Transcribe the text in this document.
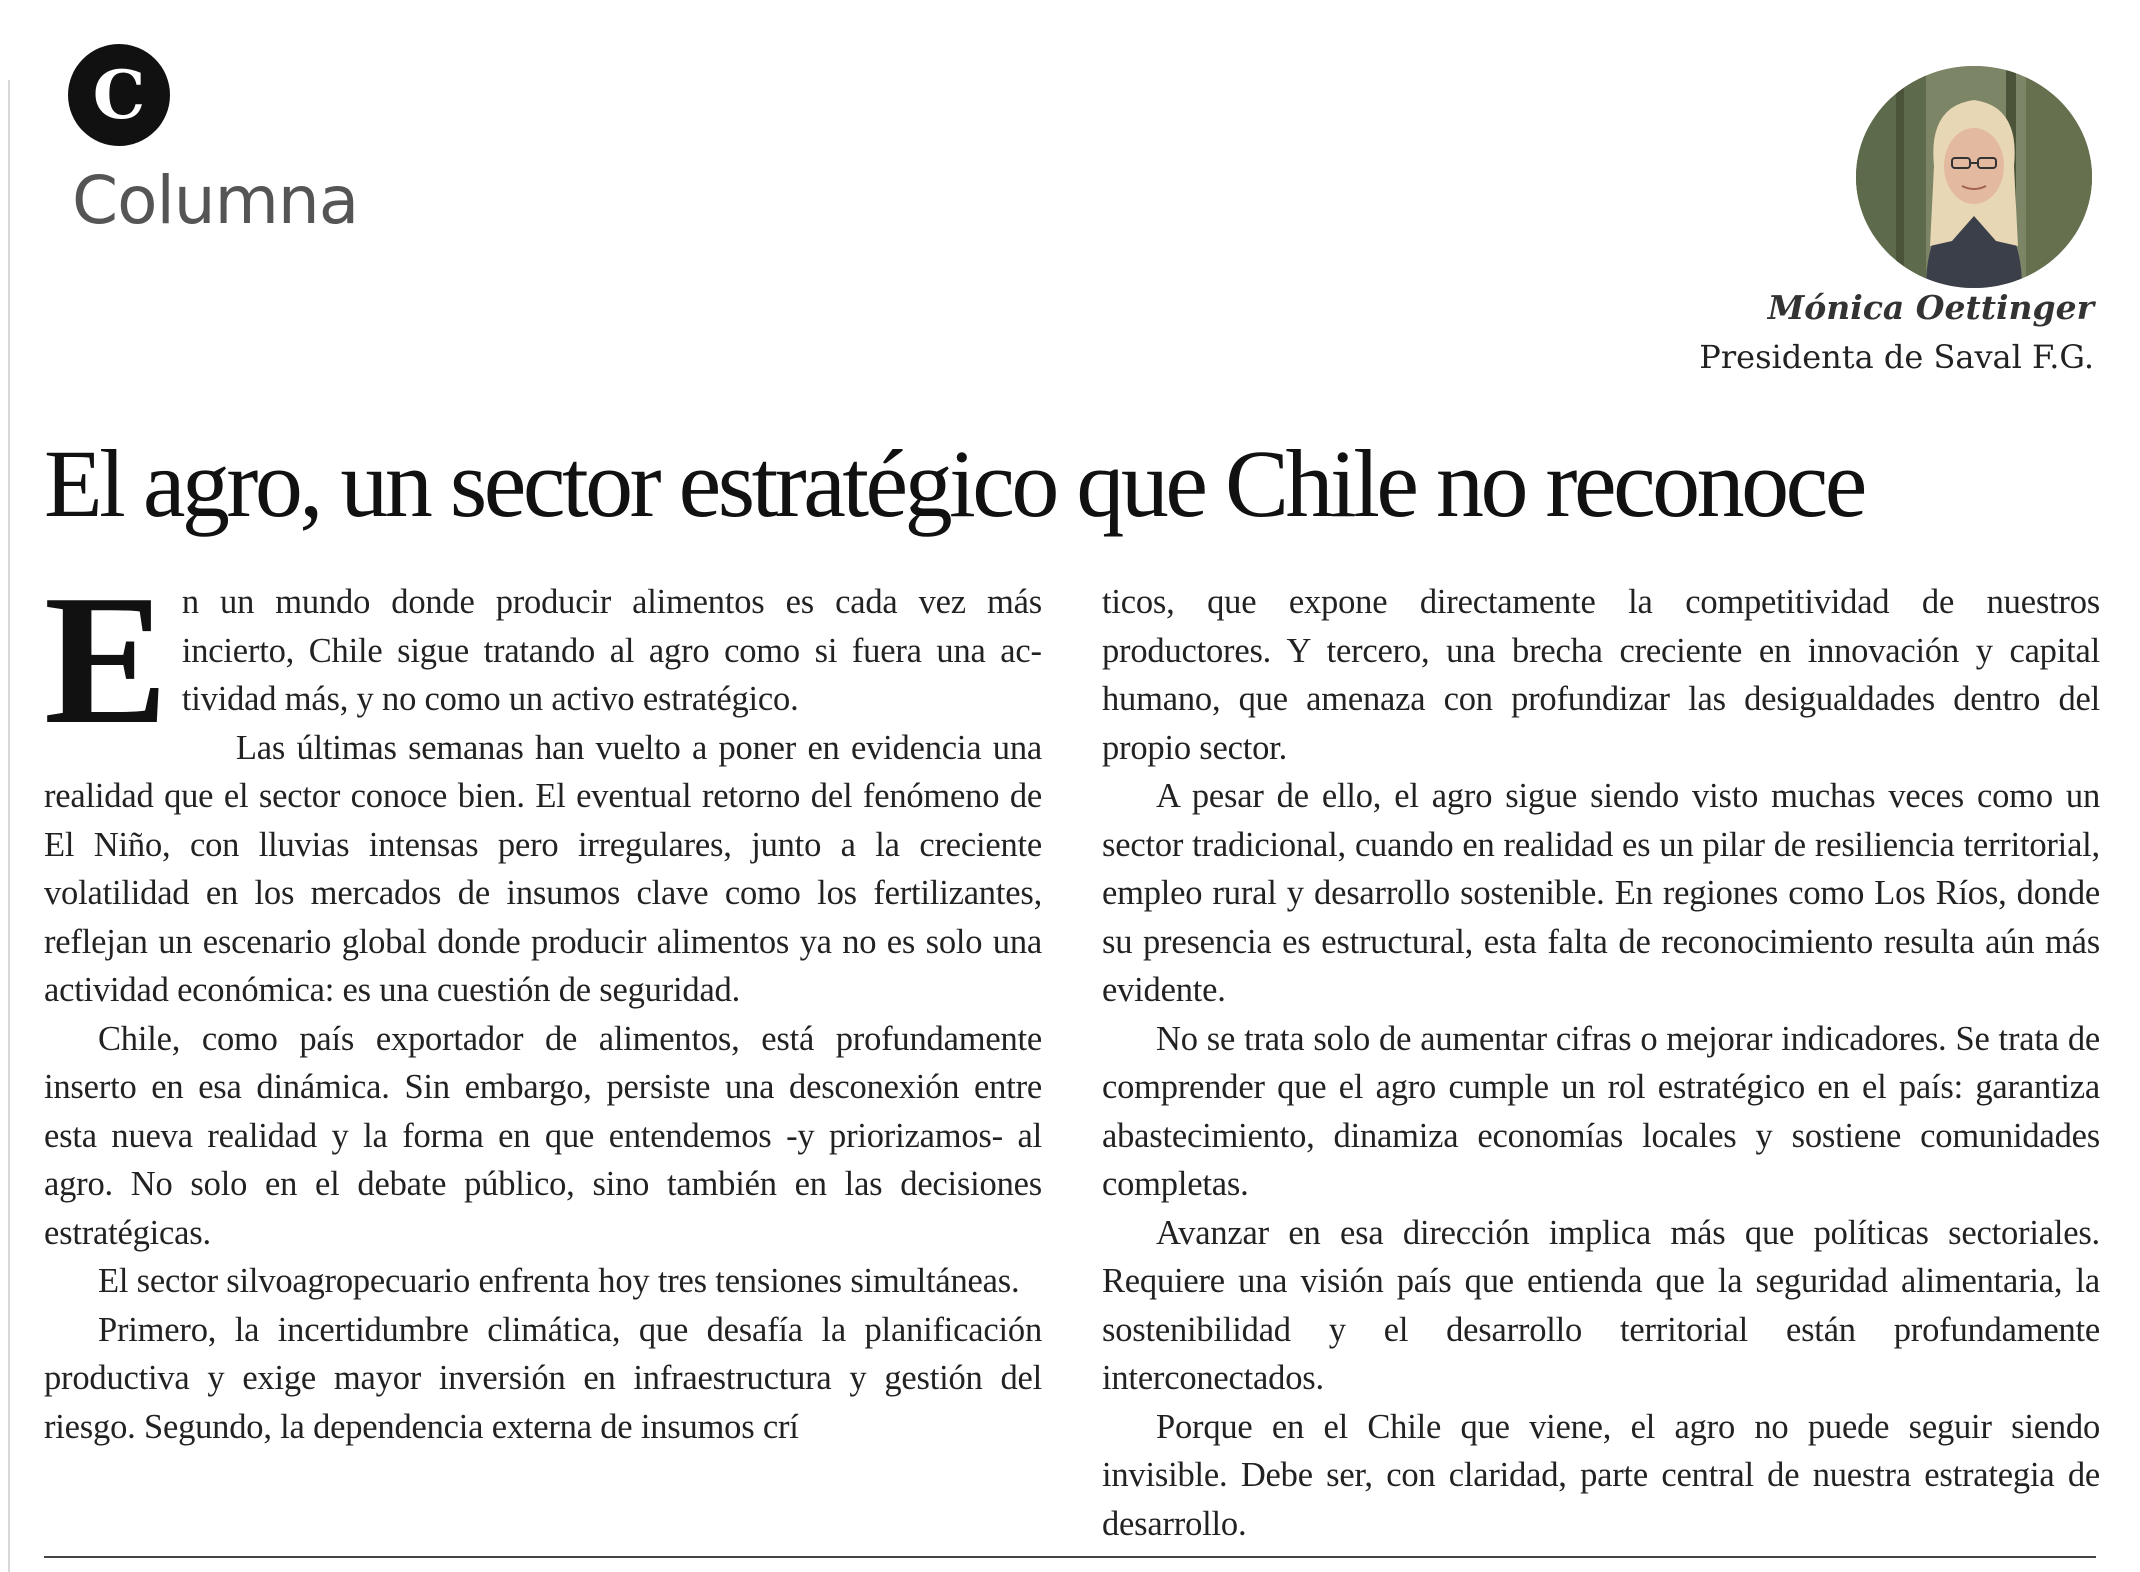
C
Columna
Mónica Oettinger
Presidenta de Saval F.G.
El agro, un sector estratégico que Chile no reconoce

En un mundo donde producir alimentos es cada vez más incierto, Chile sigue tratando al agro como si fuera una actividad más, y no como un activo estratégico.

Las últimas semanas han vuelto a poner en evidencia una realidad que el sector conoce bien. El eventual retorno del fenómeno de El Niño, con lluvias intensas pero irregulares, junto a la creciente volatilidad en los mercados de insumos clave como los fertilizantes, reflejan un escenario global donde producir alimentos ya no es solo una actividad económica: es una cuestión de seguridad.

Chile, como país exportador de alimentos, está profundamente inserto en esa dinámica. Sin embargo, persiste una desconexión entre esta nueva realidad y la forma en que entendemos -y priorizamos- al agro. No solo en el debate público, sino también en las decisiones estratégicas.

El sector silvoagropecuario enfrenta hoy tres tensiones simultáneas.

Primero, la incertidumbre climática, que desafía la planificación productiva y exige mayor inversión en infraestructura y gestión del riesgo. Segundo, la dependencia externa de insumos crí

ticos, que expone directamente la competitividad de nuestros productores. Y tercero, una brecha creciente en innovación y capital humano, que amenaza con profundizar las desigualdades dentro del propio sector.

A pesar de ello, el agro sigue siendo visto muchas veces como un sector tradicional, cuando en realidad es un pilar de resiliencia territorial, empleo rural y desarrollo sostenible. En regiones como Los Ríos, donde su presencia es estructural, esta falta de reconocimiento resulta aún más evidente.

No se trata solo de aumentar cifras o mejorar indicadores. Se trata de comprender que el agro cumple un rol estratégico en el país: garantiza abastecimiento, dinamiza economías locales y sostiene comunidades completas.

Avanzar en esa dirección implica más que políticas sectoriales. Requiere una visión país que entienda que la seguridad alimentaria, la sostenibilidad y el desarrollo territorial están profundamente interconectados.

Porque en el Chile que viene, el agro no puede seguir siendo invisible. Debe ser, con claridad, parte central de nuestra estrategia de desarrollo.
